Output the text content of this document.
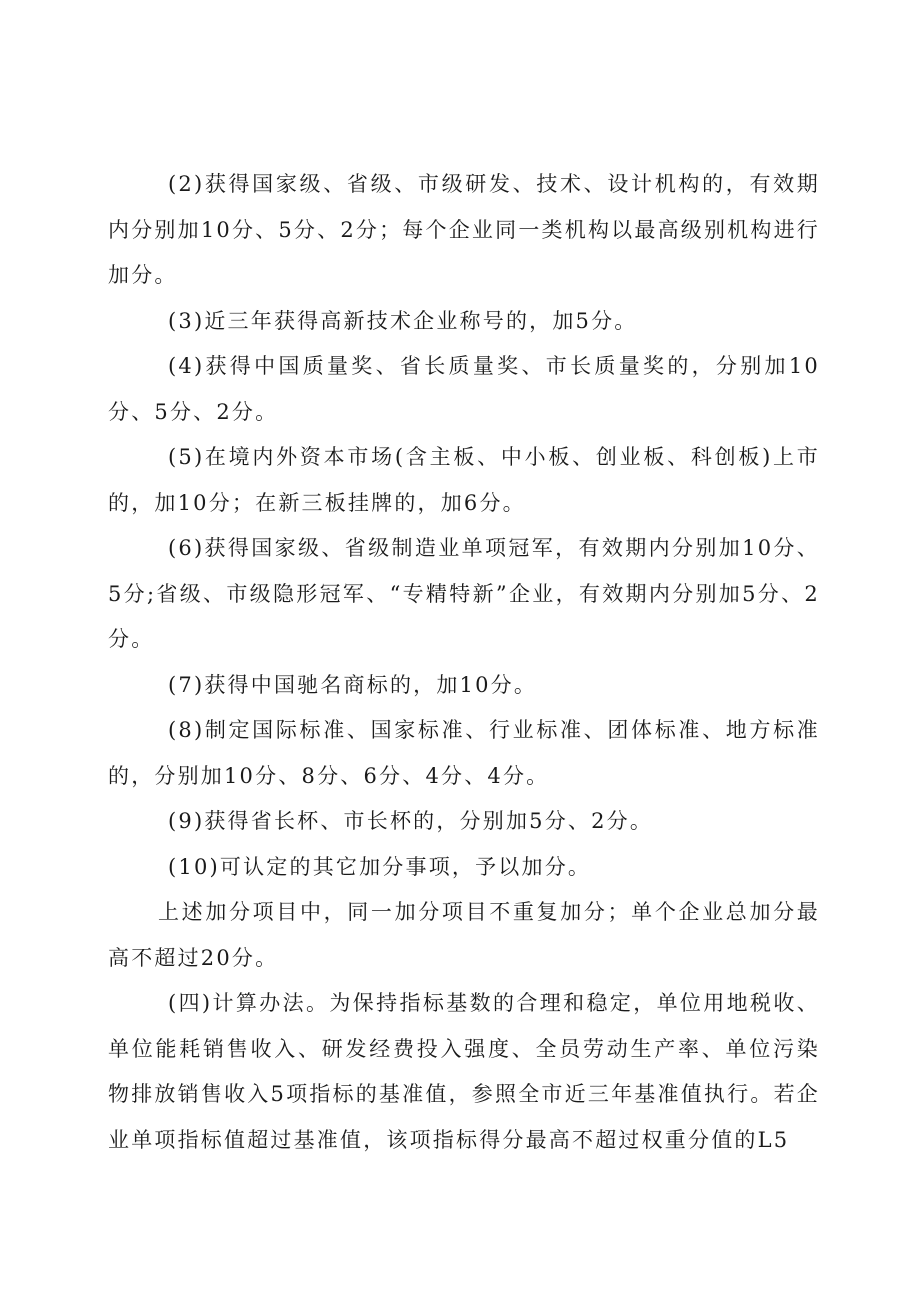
(2)获得国家级、省级、市级研发、技术、设计机构的，有效期内分别加10分、5分、2分；每个企业同一类机构以最高级别机构进行加分。

(3)近三年获得高新技术企业称号的，加5分。

(4)获得中国质量奖、省长质量奖、市长质量奖的，分别加10分、5分、2分。

(5)在境内外资本市场(含主板、中小板、创业板、科创板)上市的，加10分；在新三板挂牌的，加6分。

(6)获得国家级、省级制造业单项冠军，有效期内分别加10分、5分;省级、市级隐形冠军、“专精特新”企业，有效期内分别加5分、2分。

(7)获得中国驰名商标的，加10分。

(8)制定国际标准、国家标准、行业标准、团体标准、地方标准的，分别加10分、8分、6分、4分、4分。

(9)获得省长杯、市长杯的，分别加5分、2分。

(10)可认定的其它加分事项，予以加分。

上述加分项目中，同一加分项目不重复加分；单个企业总加分最高不超过20分。

(四)计算办法。为保持指标基数的合理和稳定，单位用地税收、单位能耗销售收入、研发经费投入强度、全员劳动生产率、单位污染物排放销售收入5项指标的基准值，参照全市近三年基准值执行。若企业单项指标值超过基准值，该项指标得分最高不超过权重分值的L5
